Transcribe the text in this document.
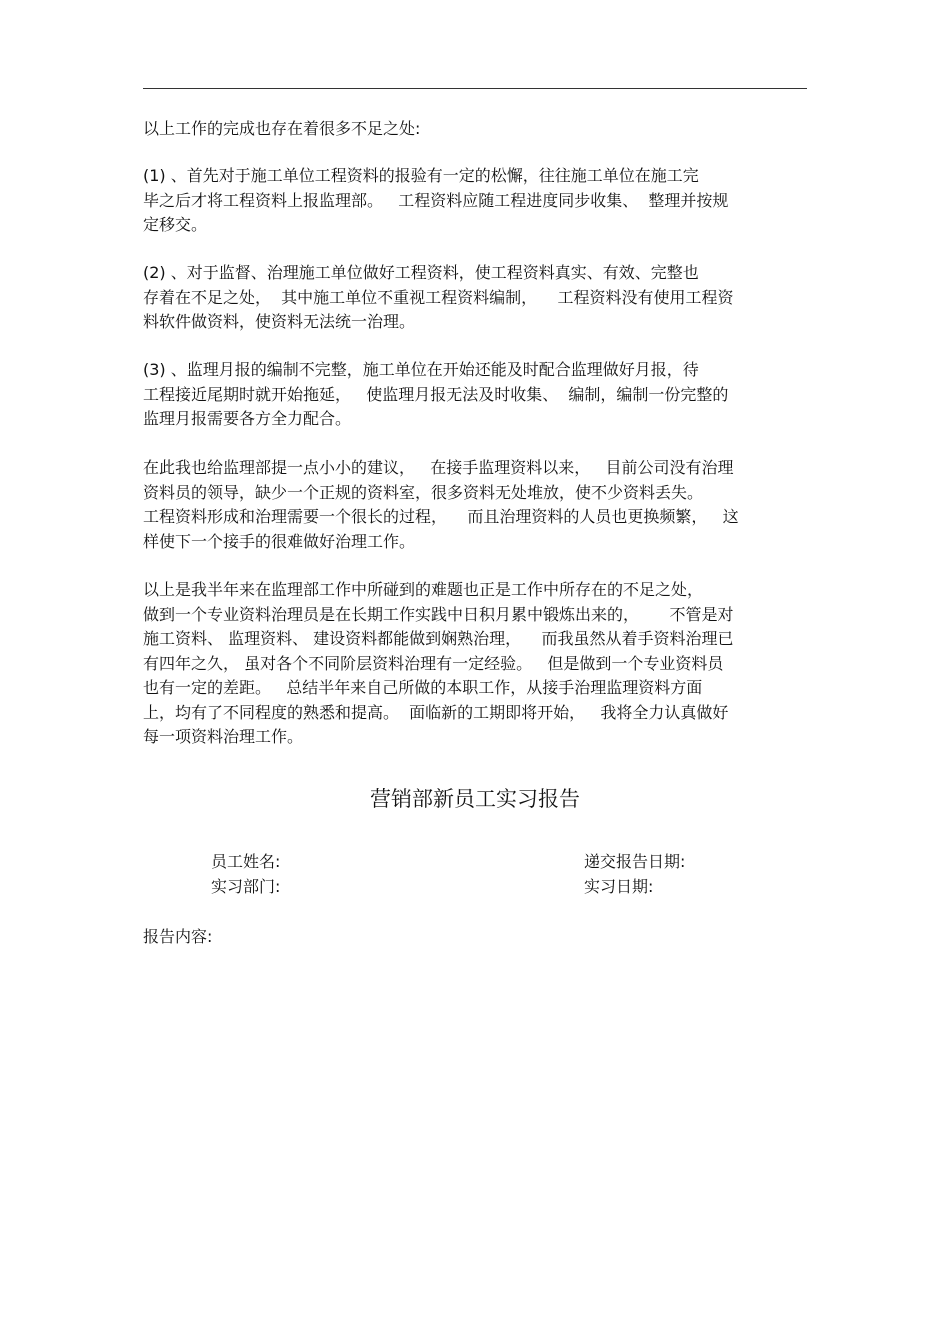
以上工作的完成也存在着很多不足之处:
(1) 、首先对于施工单位工程资料的报验有一定的松懈，往往施工单位在施工完
毕之后才将工程资料上报监理部。   工程资料应随工程进度同步收集、  整理并按规
定移交。
(2) 、对于监督、治理施工单位做好工程资料，使工程资料真实、有效、完整也
存着在不足之处，  其中施工单位不重视工程资料编制，    工程资料没有使用工程资
料软件做资料，使资料无法统一治理。
(3) 、监理月报的编制不完整，施工单位在开始还能及时配合监理做好月报，待
工程接近尾期时就开始拖延，   使监理月报无法及时收集、  编制，编制一份完整的
监理月报需要各方全力配合。
在此我也给监理部提一点小小的建议，   在接手监理资料以来，   目前公司没有治理
资料员的领导，缺少一个正规的资料室，很多资料无处堆放，使不少资料丢失。
工程资料形成和治理需要一个很长的过程，    而且治理资料的人员也更换频繁，   这
样使下一个接手的很难做好治理工作。
以上是我半年来在监理部工作中所碰到的难题也正是工作中所存在的不足之处，
做到一个专业资料治理员是在长期工作实践中日积月累中锻炼出来的，      不管是对
施工资料、 监理资料、 建设资料都能做到娴熟治理，    而我虽然从着手资料治理已
有四年之久， 虽对各个不同阶层资料治理有一定经验。   但是做到一个专业资料员
也有一定的差距。   总结半年来自己所做的本职工作，从接手治理监理资料方面
上，均有了不同程度的熟悉和提高。  面临新的工期即将开始，   我将全力认真做好
每一项资料治理工作。
营销部新员工实习报告
员工姓名:	递交报告日期:
实习部门:	实习日期:
报告内容:
